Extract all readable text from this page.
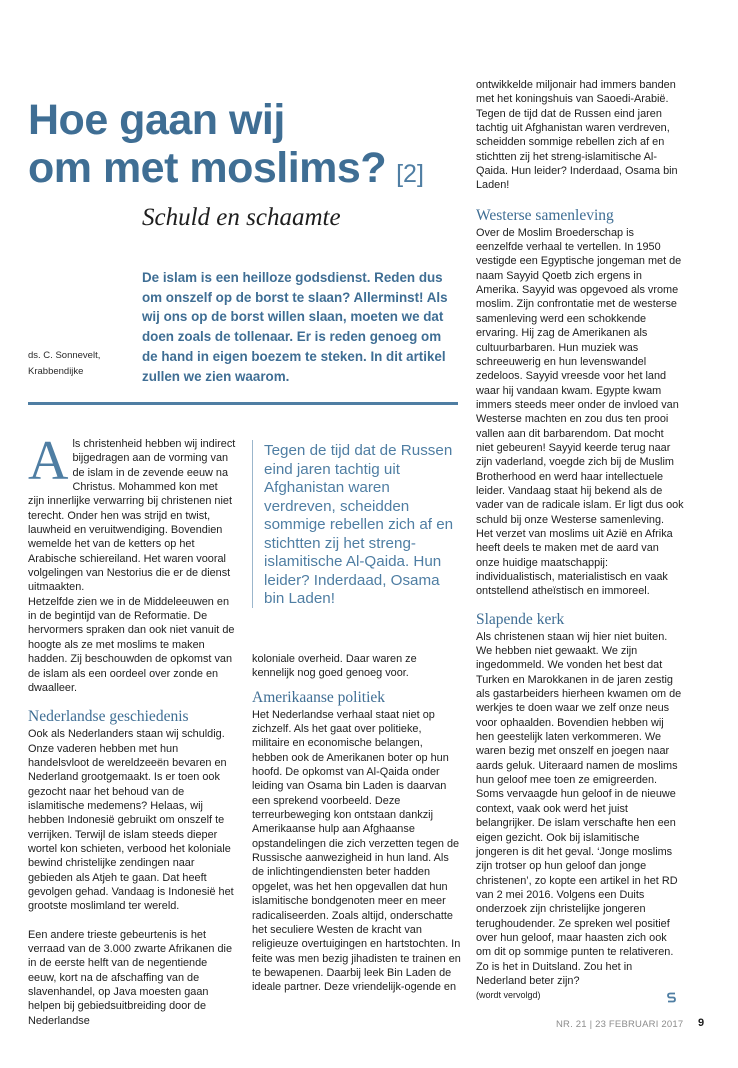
Hoe gaan wij
om met moslims? [2]
Schuld en schaamte

De islam is een heilloze godsdienst. Reden dus om onszelf op de borst te slaan? Allerminst! Als wij ons op de borst willen slaan, moeten we dat doen zoals de tollenaar. Er is reden genoeg om de hand in eigen boezem te steken. In dit artikel zullen we zien waarom.

ds. C. Sonnevelt,
Krabbendijke

Als christenheid hebben wij indirect bijgedragen aan de vorming van de islam in de zevende eeuw na Christus. Mohammed kon met zijn innerlijke verwarring bij christenen niet terecht. Onder hen was strijd en twist, lauwheid en veruitwendiging. Bovendien wemelde het van de ketters op het Arabische schiereiland. Het waren vooral volgelingen van Nestorius die er de dienst uitmaakten.

Hetzelfde zien we in de Middeleeuwen en in de begintijd van de Reformatie. De hervormers spraken dan ook niet vanuit de hoogte als ze met moslims te maken hadden. Zij beschouwden de opkomst van de islam als een oordeel over zonde en dwaalleer.

Nederlandse geschiedenis

Ook als Nederlanders staan wij schuldig. Onze vaderen hebben met hun handelsvloot de wereldzeeën bevaren en Nederland grootgemaakt. Is er toen ook gezocht naar het behoud van de islamitische medemens? Helaas, wij hebben Indonesië gebruikt om onszelf te verrijken. Terwijl de islam steeds dieper wortel kon schieten, verbood het koloniale bewind christelijke zendingen naar gebieden als Atjeh te gaan. Dat heeft gevolgen gehad. Vandaag is Indonesië het grootste moslimland ter wereld.

Een andere trieste gebeurtenis is het verraad van de 3.000 zwarte Afrikanen die in de eerste helft van de negentiende eeuw, kort na de afschaffing van de slavenhandel, op Java moesten gaan helpen bij gebiedsuitbreiding door de Nederlandse

Tegen de tijd dat de Russen eind jaren tachtig uit Afghanistan waren verdreven, scheidden sommige rebellen zich af en stichtten zij het streng-islamitische Al-Qaida. Hun leider? Inderdaad, Osama bin Laden!

koloniale overheid. Daar waren ze kennelijk nog goed genoeg voor.

Amerikaanse politiek

Het Nederlandse verhaal staat niet op zichzelf. Als het gaat over politieke, militaire en economische belangen, hebben ook de Amerikanen boter op hun hoofd. De opkomst van Al-Qaida onder leiding van Osama bin Laden is daarvan een sprekend voorbeeld. Deze terreurbeweging kon ontstaan dankzij Amerikaanse hulp aan Afghaanse opstandelingen die zich verzetten tegen de Russische aanwezigheid in hun land. Als de inlichtingendiensten beter hadden opgelet, was het hen opgevallen dat hun islamitische bondgenoten meer en meer radicaliseerden. Zoals altijd, onderschatte het seculiere Westen de kracht van religieuze overtuigingen en hartstochten. In feite was men bezig jihadisten te trainen en te bewapenen. Daarbij leek Bin Laden de ideale partner. Deze vriendelijk-ogende en

ontwikkelde miljonair had immers banden met het koningshuis van Saoedi-Arabië. Tegen de tijd dat de Russen eind jaren tachtig uit Afghanistan waren verdreven, scheidden sommige rebellen zich af en stichtten zij het streng-islamitische Al-Qaida. Hun leider? Inderdaad, Osama bin Laden!

Westerse samenleving

Over de Moslim Broederschap is eenzelfde verhaal te vertellen. In 1950 vestigde een Egyptische jongeman met de naam Sayyid Qoetb zich ergens in Amerika. Sayyid was opgevoed als vrome moslim. Zijn confrontatie met de westerse samenleving werd een schokkende ervaring. Hij zag de Amerikanen als cultuurbarbaren. Hun muziek was schreeuwerig en hun levenswandel zedeloos. Sayyid vreesde voor het land waar hij vandaan kwam. Egypte kwam immers steeds meer onder de invloed van Westerse machten en zou dus ten prooi vallen aan dit barbarendom. Dat mocht niet gebeuren! Sayyid keerde terug naar zijn vaderland, voegde zich bij de Muslim Brotherhood en werd haar intellectuele leider. Vandaag staat hij bekend als de vader van de radicale islam. Er ligt dus ook schuld bij onze Westerse samenleving. Het verzet van moslims uit Azië en Afrika heeft deels te maken met de aard van onze huidige maatschappij: individualistisch, materialistisch en vaak ontstellend atheïstisch en immoreel.

Slapende kerk

Als christenen staan wij hier niet buiten. We hebben niet gewaakt. We zijn ingedommeld. We vonden het best dat Turken en Marokkanen in de jaren zestig als gastarbeiders hierheen kwamen om de werkjes te doen waar we zelf onze neus voor ophaalden. Bovendien hebben wij hen geestelijk laten verkommeren. We waren bezig met onszelf en joegen naar aards geluk. Uiteraard namen de moslims hun geloof mee toen ze emigreerden. Soms vervaagde hun geloof in de nieuwe context, vaak ook werd het juist belangrijker. De islam verschafte hen een eigen gezicht. Ook bij islamitische jongeren is dit het geval. ‘Jonge moslims zijn trotser op hun geloof dan jonge christenen’, zo kopte een artikel in het RD van 2 mei 2016. Volgens een Duits onderzoek zijn christelijke jongeren terughoudender. Ze spreken wel positief over hun geloof, maar haasten zich ook om dit op sommige punten te relativeren. Zo is het in Duitsland. Zou het in Nederland beter zijn?

(wordt vervolgd)

NR. 21 | 23 FEBRUARI 2017 9
